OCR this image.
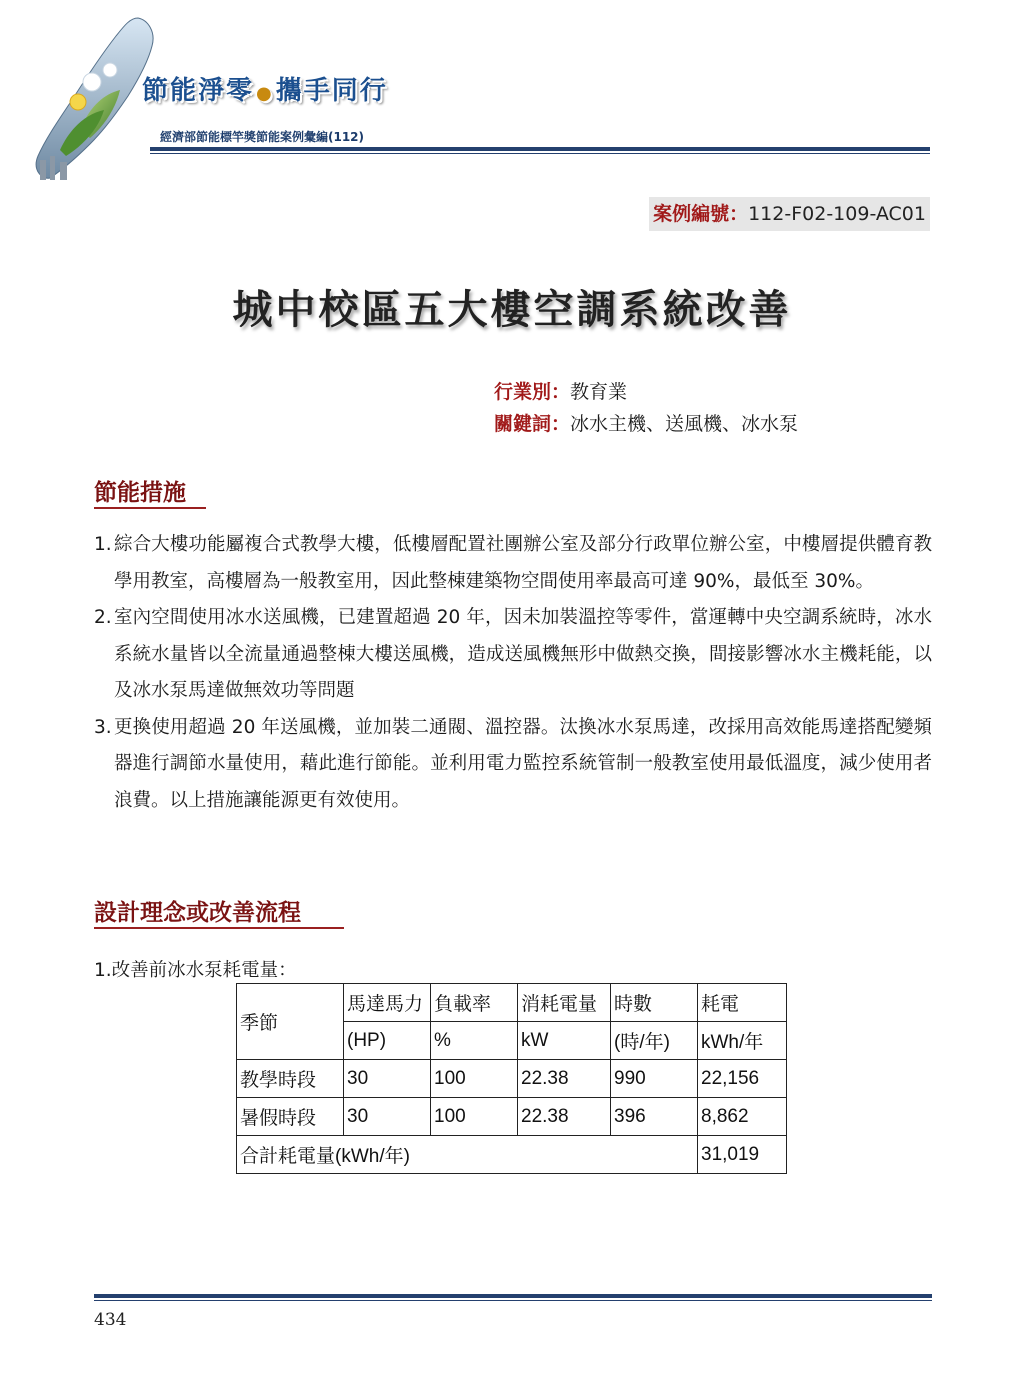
節能淨零 ●攜手同行
經濟部節能標竿獎節能案例彙編(112)
案例編號：112-F02-109-AC01
城中校區五大樓空調系統改善
行業別：教育業
關鍵詞：冰水主機、送風機、冰水泵
節能措施
1. 綜合大樓功能屬複合式教學大樓，低樓層配置社團辦公室及部分行政單位辦公室，中樓層提供體育教學用教室，高樓層為一般教室用，因此整棟建築物空間使用率最高可達 90%，最低至 30%。
2. 室內空間使用冰水送風機，已建置超過 20 年，因未加裝溫控等零件，當運轉中央空調系統時，冰水系統水量皆以全流量通過整棟大樓送風機，造成送風機無形中做熱交換，間接影響冰水主機耗能，以及冰水泵馬達做無效功等問題
3. 更換使用超過 20 年送風機，並加裝二通閥、溫控器。汰換冰水泵馬達，改採用高效能馬達搭配變頻器進行調節水量使用，藉此進行節能。並利用電力監控系統管制一般教室使用最低溫度，減少使用者浪費。以上措施讓能源更有效使用。
設計理念或改善流程
1.改善前冰水泵耗電量：
季節	馬達馬力	負載率	消耗電量	時數	耗電
	(HP)	%	kW	(時/年)	kWh/年
教學時段	30	100	22.38	990	22,156
暑假時段	30	100	22.38	396	8,862
合計耗電量(kWh/年)					31,019
434
